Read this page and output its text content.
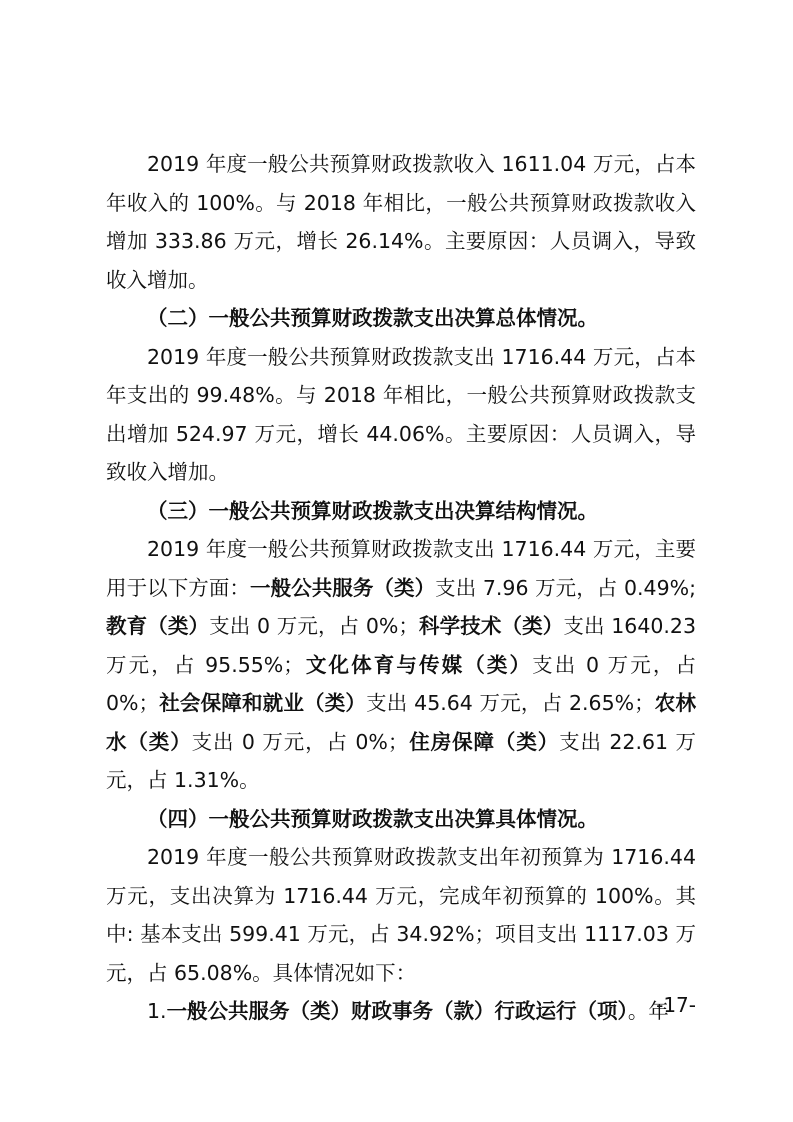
2019 年度一般公共预算财政拨款收入 1611.04 万元，占本年收入的 100%。与 2018 年相比，一般公共预算财政拨款收入增加 333.86 万元，增长 26.14%。主要原因：人员调入，导致收入增加。

（二）一般公共预算财政拨款支出决算总体情况。

2019 年度一般公共预算财政拨款支出 1716.44 万元，占本年支出的 99.48%。与 2018 年相比，一般公共预算财政拨款支出增加 524.97 万元，增长 44.06%。主要原因：人员调入，导致收入增加。

（三）一般公共预算财政拨款支出决算结构情况。

2019 年度一般公共预算财政拨款支出 1716.44 万元，主要用于以下方面：一般公共服务（类）支出 7.96 万元，占 0.49%;教育（类）支出 0 万元，占 0%；科学技术（类）支出 1640.23 万元，占 95.55%；文化体育与传媒（类）支出 0 万元，占 0%；社会保障和就业（类）支出 45.64 万元，占 2.65%；农林水（类）支出 0 万元，占 0%；住房保障（类）支出 22.61 万元，占 1.31%。

（四）一般公共预算财政拨款支出决算具体情况。

2019 年度一般公共预算财政拨款支出年初预算为 1716.44 万元，支出决算为 1716.44 万元，完成年初预算的 100%。其中: 基本支出 599.41 万元，占 34.92%；项目支出 1117.03 万元，占 65.08%。具体情况如下：

1.一般公共服务（类）财政事务（款）行政运行（项）。年

-17-
